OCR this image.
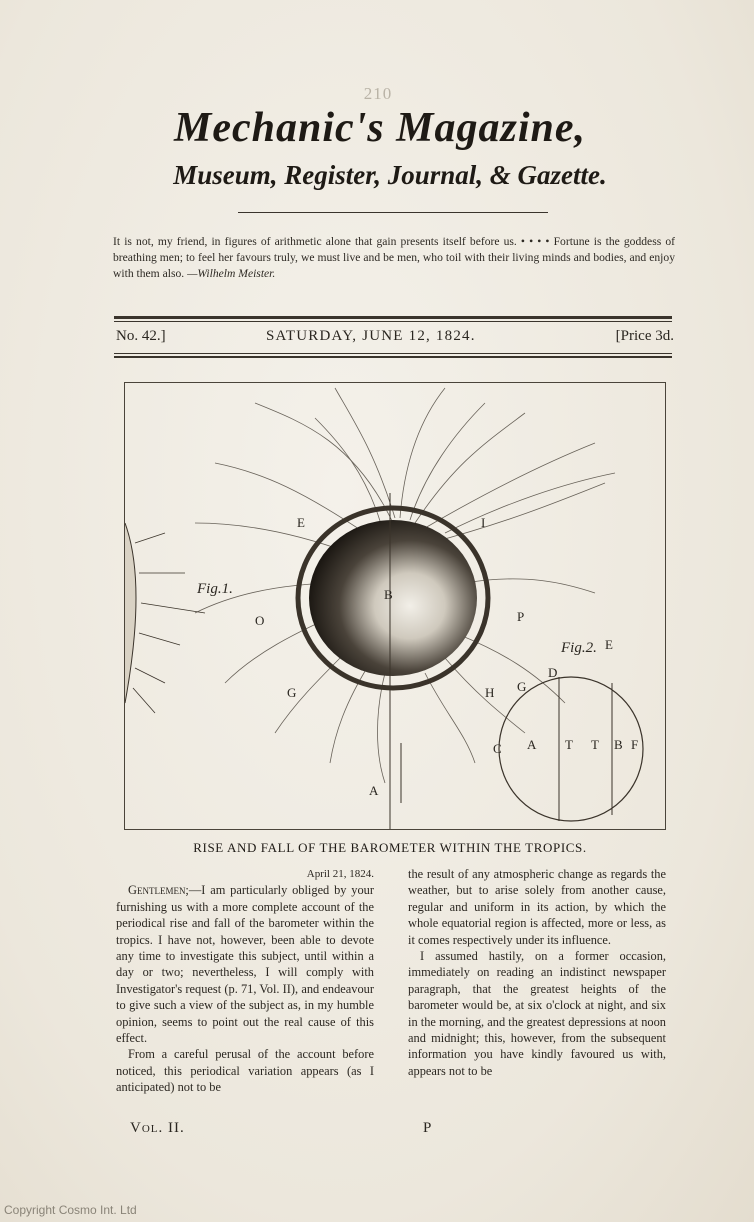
210
Mechanic's Magazine,
Museum, Register, Journal, & Gazette.
It is not, my friend, in figures of arithmetic alone that gain presents itself before us. • • • • Fortune is the goddess of breathing men; to feel her favours truly, we must live and be men, who toil with their living minds and bodies, and enjoy with them also. —Wilhelm Meister.
No. 42.]	SATURDAY, JUNE 12, 1824.	[Price 3d.
Fig.1.
Fig.2.
B
E	I
O	P
G	H G
A
D
E
C A T T B F
RISE AND FALL OF THE BAROMETER WITHIN THE TROPICS.

April 21, 1824.

Gentlemen;—I am particularly obliged by your furnishing us with a more complete account of the periodical rise and fall of the barometer within the tropics. I have not, however, been able to devote any time to investigate this subject, until within a day or two; nevertheless, I will comply with Investigator's request (p. 71, Vol. II), and endeavour to give such a view of the subject as, in my humble opinion, seems to point out the real cause of this effect.

From a careful perusal of the account before noticed, this periodical variation appears (as I anticipated) not to be

the result of any atmospheric change as regards the weather, but to arise solely from another cause, regular and uniform in its action, by which the whole equatorial region is affected, more or less, as it comes respectively under its influence.

I assumed hastily, on a former occasion, immediately on reading an indistinct newspaper paragraph, that the greatest heights of the barometer would be, at six o'clock at night, and six in the morning, and the greatest depressions at noon and midnight; this, however, from the subsequent information you have kindly favoured us with, appears not to be

Vol. II.	P
Copyright Cosmo Int. Ltd
